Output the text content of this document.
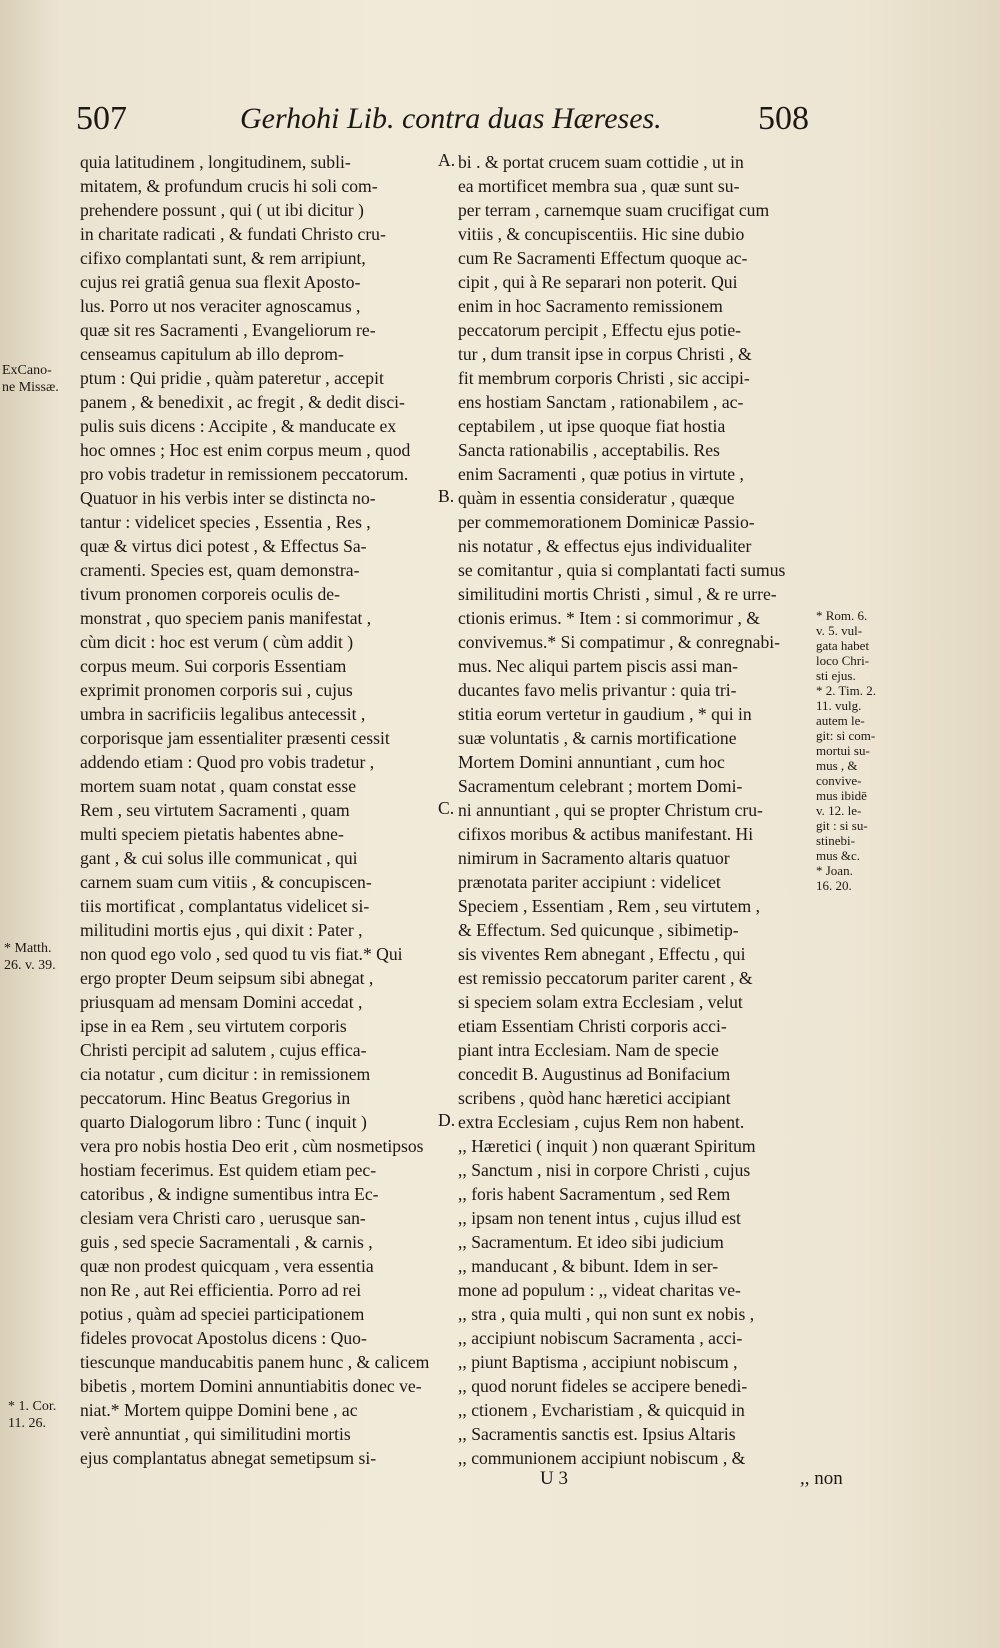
507	Gerhohi Lib. contra duas Hæreses.	508
quia latitudinem , longitudinem, subli-
mitatem, & profundum crucis hi soli com-
prehendere possunt , qui ( ut ibi dicitur )
in charitate radicati , & fundati Christo cru-
cifixo complantati sunt, & rem arripiunt,
cujus rei gratiâ genua sua flexit Aposto-
lus. Porro ut nos veraciter agnoscamus ,
quæ sit res Sacramenti , Evangeliorum re-
censeamus capitulum ab illo deprom-
ptum : Qui pridie , quàm pateretur , accepit
panem , & benedixit , ac fregit , & dedit disci-
pulis suis dicens : Accipite , & manducate ex
hoc omnes ; Hoc est enim corpus meum , quod
pro vobis tradetur in remissionem peccatorum.
Quatuor in his verbis inter se distincta no-
tantur : videlicet species , Essentia , Res ,
quæ & virtus dici potest , & Effectus Sa-
cramenti. Species est, quam demonstra-
tivum pronomen corporeis oculis de-
monstrat , quo speciem panis manifestat ,
cùm dicit : hoc est verum ( cùm addit )
corpus meum. Sui corporis Essentiam
exprimit pronomen corporis sui , cujus
umbra in sacrificiis legalibus antecessit ,
corporisque jam essentialiter præsenti cessit
addendo etiam : Quod pro vobis tradetur ,
mortem suam notat , quam constat esse
Rem , seu virtutem Sacramenti , quam
multi speciem pietatis habentes abne-
gant , & cui solus ille communicat , qui
carnem suam cum vitiis , & concupiscen-
tiis mortificat , complantatus videlicet si-
militudini mortis ejus , qui dixit : Pater ,
non quod ego volo , sed quod tu vis fiat.* Qui
ergo propter Deum seipsum sibi abnegat ,
priusquam ad mensam Domini accedat ,
ipse in ea Rem , seu virtutem corporis
Christi percipit ad salutem , cujus effica-
cia notatur , cum dicitur : in remissionem
peccatorum. Hinc Beatus Gregorius in
quarto Dialogorum libro : Tunc ( inquit )
vera pro nobis hostia Deo erit , cùm nosmetipsos
hostiam fecerimus. Est quidem etiam pec-
catoribus , & indigne sumentibus intra Ec-
clesiam vera Christi caro , uerusque san-
guis , sed specie Sacramentali , & carnis ,
quæ non prodest quicquam , vera essentia
non Re , aut Rei efficientia. Porro ad rei
potius , quàm ad speciei participationem
fideles provocat Apostolus dicens : Quo-
tiescunque manducabitis panem hunc , & calicem
bibetis , mortem Domini annuntiabitis donec ve-
niat.* Mortem quippe Domini bene , ac
verè annuntiat , qui similitudini mortis
ejus complantatus abnegat semetipsum si-
bi . & portat crucem suam cottidie , ut in
ea mortificet membra sua , quæ sunt su-
per terram , carnemque suam crucifigat cum
vitiis , & concupiscentiis. Hic sine dubio
cum Re Sacramenti Effectum quoque ac-
cipit , qui à Re separari non poterit. Qui
enim in hoc Sacramento remissionem
peccatorum percipit , Effectu ejus potie-
tur , dum transit ipse in corpus Christi , &
fit membrum corporis Christi , sic accipi-
ens hostiam Sanctam , rationabilem , ac-
ceptabilem , ut ipse quoque fiat hostia
Sancta rationabilis , acceptabilis. Res
enim Sacramenti , quæ potius in virtute ,
quàm in essentia consideratur , quæque
per commemorationem Dominicæ Passio-
nis notatur , & effectus ejus individualiter
se comitantur , quia si complantati facti sumus
similitudini mortis Christi , simul , & re urre-
ctionis erimus. * Item : si commorimur , &
convivemus.* Si compatimur , & conregnabi-
mus. Nec aliqui partem piscis assi man-
ducantes favo melis privantur : quia tri-
stitia eorum vertetur in gaudium , * qui in
suæ voluntatis , & carnis mortificatione
Mortem Domini annuntiant , cum hoc
Sacramentum celebrant ; mortem Domi-
ni annuntiant , qui se propter Christum cru-
cifixos moribus & actibus manifestant. Hi
nimirum in Sacramento altaris quatuor
prænotata pariter accipiunt : videlicet
Speciem , Essentiam , Rem , seu virtutem ,
& Effectum. Sed quicunque , sibimetip-
sis viventes Rem abnegant , Effectu , qui
est remissio peccatorum pariter carent , &
si speciem solam extra Ecclesiam , velut
etiam Essentiam Christi corporis acci-
piant intra Ecclesiam. Nam de specie
concedit B. Augustinus ad Bonifacium
scribens , quòd hanc hæretici accipiant
extra Ecclesiam , cujus Rem non habent.
,, Hæretici ( inquit ) non quærant Spiritum
,, Sanctum , nisi in corpore Christi , cujus
,, foris habent Sacramentum , sed Rem
,, ipsam non tenent intus , cujus illud est
,, Sacramentum. Et ideo sibi judicium
,, manducant , & bibunt. Idem in ser-
mone ad populum : ,, videat charitas ve-
,, stra , quia multi , qui non sunt ex nobis ,
,, accipiunt nobiscum Sacramenta , acci-
,, piunt Baptisma , accipiunt nobiscum ,
,, quod norunt fideles se accipere benedi-
,, ctionem , Evcharistiam , & quicquid in
,, Sacramentis sanctis est. Ipsius Altaris
,, communionem accipiunt nobiscum , &
A.
B.
C.
D.
ExCano-
ne Missæ.
* Matth.
26. v. 39.
* 1. Cor.
11. 26.
* Rom. 6.
v. 5. vul-
gata habet
loco Chri-
sti ejus.
* 2. Tim. 2.
11. vulg.
autem le-
git: si com-
mortui su-
mus , &
convive-
mus ibidē
v. 12. le-
git : si su-
stinebi-
mus &c.
* Joan.
16. 20.
U 3	,, non
